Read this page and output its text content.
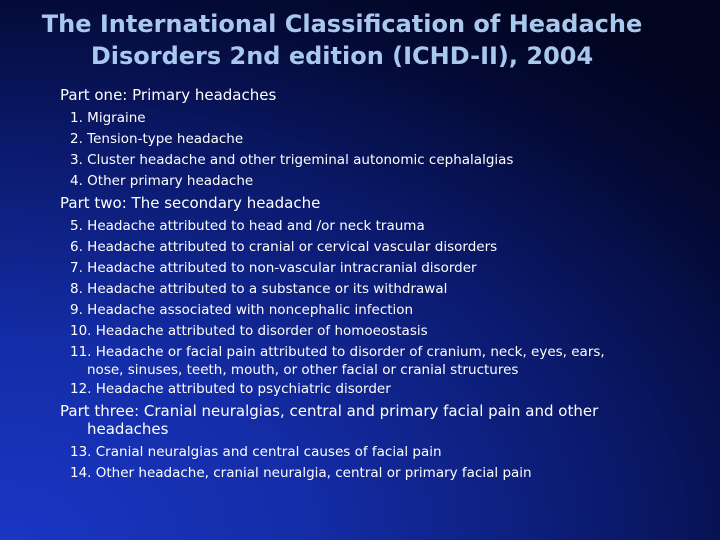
The International Classification of Headache
Disorders 2nd edition (ICHD-II), 2004
Part one: Primary headaches
1. Migraine
2. Tension-type headache
3. Cluster headache and other trigeminal autonomic cephalalgias
4. Other primary headache
Part two: The secondary headache
5. Headache attributed to head and /or neck trauma
6. Headache attributed to cranial or cervical vascular disorders
7. Headache attributed to non-vascular intracranial disorder
8. Headache attributed to a substance or its withdrawal
9. Headache associated with noncephalic infection
10. Headache attributed to disorder of homoeostasis
11. Headache or facial pain attributed to disorder of cranium, neck, eyes, ears,
nose, sinuses, teeth, mouth, or other facial or cranial structures
12. Headache attributed to psychiatric disorder
Part three: Cranial neuralgias, central and primary facial pain and other
headaches
13. Cranial neuralgias and central causes of facial pain
14. Other headache, cranial neuralgia, central or primary facial pain
